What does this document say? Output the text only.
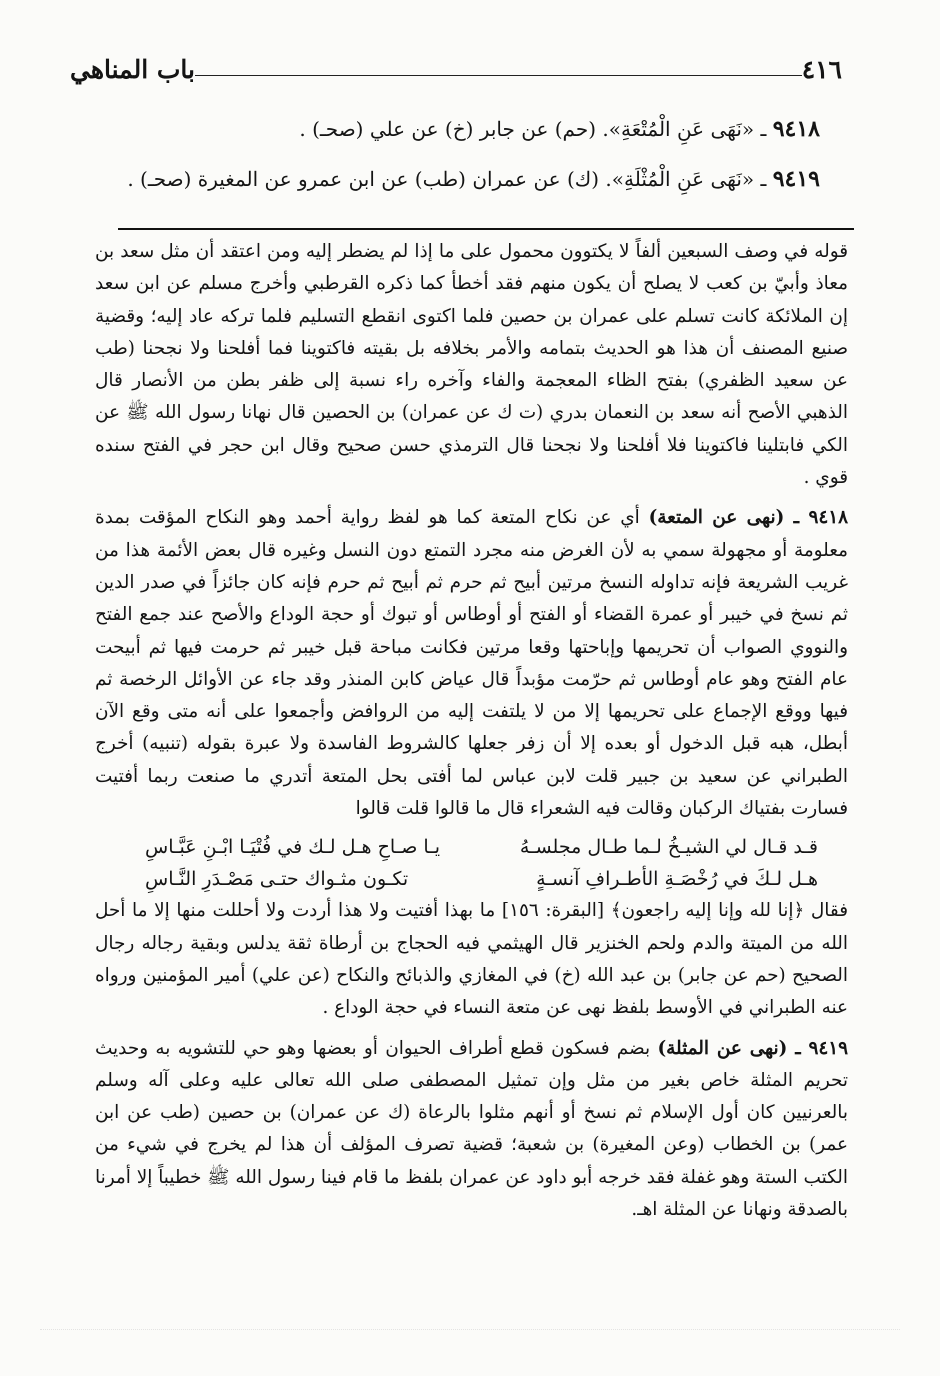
٤١٦
باب المناهي
٩٤١٨ ـ «نَهَى عَنِ الْمُتْعَةِ». (حم) عن جابر (خ) عن علي (صحـ) .
٩٤١٩ ـ «نَهَى عَنِ الْمُثْلَةِ». (ك) عن عمران (طب) عن ابن عمرو عن المغيرة (صحـ) .

قوله في وصف السبعين ألفاً لا يكتوون محمول على ما إذا لم يضطر إليه ومن اعتقد أن مثل سعد بن معاذ وأبيّ بن كعب لا يصلح أن يكون منهم فقد أخطأ كما ذكره القرطبي وأخرج مسلم عن ابن سعد إن الملائكة كانت تسلم على عمران بن حصين فلما اكتوى انقطع التسليم فلما تركه عاد إليه؛ وقضية صنيع المصنف أن هذا هو الحديث بتمامه والأمر بخلافه بل بقيته فاكتوينا فما أفلحنا ولا نجحنا (طب عن سعيد الظفري) بفتح الظاء المعجمة والفاء وآخره راء نسبة إلى ظفر بطن من الأنصار قال الذهبي الأصح أنه سعد بن النعمان بدري (ت ك عن عمران) بن الحصين قال نهانا رسول الله ﷺ عن الكي فابتلينا فاكتوينا فلا أفلحنا ولا نجحنا قال الترمذي حسن صحيح وقال ابن حجر في الفتح سنده قوي .

٩٤١٨ ـ (نهى عن المتعة) أي عن نكاح المتعة كما هو لفظ رواية أحمد وهو النكاح المؤقت بمدة معلومة أو مجهولة سمي به لأن الغرض منه مجرد التمتع دون النسل وغيره قال بعض الأئمة هذا من غريب الشريعة فإنه تداوله النسخ مرتين أبيح ثم حرم ثم أبيح ثم حرم فإنه كان جائزاً في صدر الدين ثم نسخ في خيبر أو عمرة القضاء أو الفتح أو أوطاس أو تبوك أو حجة الوداع والأصح عند جمع الفتح والنووي الصواب أن تحريمها وإباحتها وقعا مرتين فكانت مباحة قبل خيبر ثم حرمت فيها ثم أبيحت عام الفتح وهو عام أوطاس ثم حرّمت مؤبداً قال عياض كابن المنذر وقد جاء عن الأوائل الرخصة ثم فيها ووقع الإجماع على تحريمها إلا من لا يلتفت إليه من الروافض وأجمعوا على أنه متى وقع الآن أبطل، هبه قبل الدخول أو بعده إلا أن زفر جعلها كالشروط الفاسدة ولا عبرة بقوله (تنبيه) أخرج الطبراني عن سعيد بن جبير قلت لابن عباس لما أفتى بحل المتعة أتدري ما صنعت ربما أفتيت فسارت بفتياك الركبان وقالت فيه الشعراء قال ما قالوا قلت قالوا

قـد قـال لي الشيـخُ لـما طـال مجلسـهُ
يـا صـاحِ هـل لـك في فُتْيَـا ابْـنِ عَبَّـاسِ
هـل لـكَ في رُخْصَـةِ الأطـرافِ آنسـةٍ
تكـون مثـواك حتـى مَصْـدَرِ النَّـاسِ

فقال ﴿إنا لله وإنا إليه راجعون﴾ [البقرة: ١٥٦] ما بهذا أفتيت ولا هذا أردت ولا أحللت منها إلا ما أحل الله من الميتة والدم ولحم الخنزير قال الهيثمي فيه الحجاج بن أرطاة ثقة يدلس وبقية رجاله رجال الصحيح (حم عن جابر) بن عبد الله (خ) في المغازي والذبائح والنكاح (عن علي) أمير المؤمنين ورواه عنه الطبراني في الأوسط بلفظ نهى عن متعة النساء في حجة الوداع .

٩٤١٩ ـ (نهى عن المثلة) بضم فسكون قطع أطراف الحيوان أو بعضها وهو حي للتشويه به وحديث تحريم المثلة خاص بغير من مثل وإن تمثيل المصطفى صلى الله تعالى عليه وعلى آله وسلم بالعرنيين كان أول الإسلام ثم نسخ أو أنهم مثلوا بالرعاة (ك عن عمران) بن حصين (طب عن ابن عمر) بن الخطاب (وعن المغيرة) بن شعبة؛ قضية تصرف المؤلف أن هذا لم يخرج في شيء من الكتب الستة وهو غفلة فقد خرجه أبو داود عن عمران بلفظ ما قام فينا رسول الله ﷺ خطيباً إلا أمرنا بالصدقة ونهانا عن المثلة اهـ.
